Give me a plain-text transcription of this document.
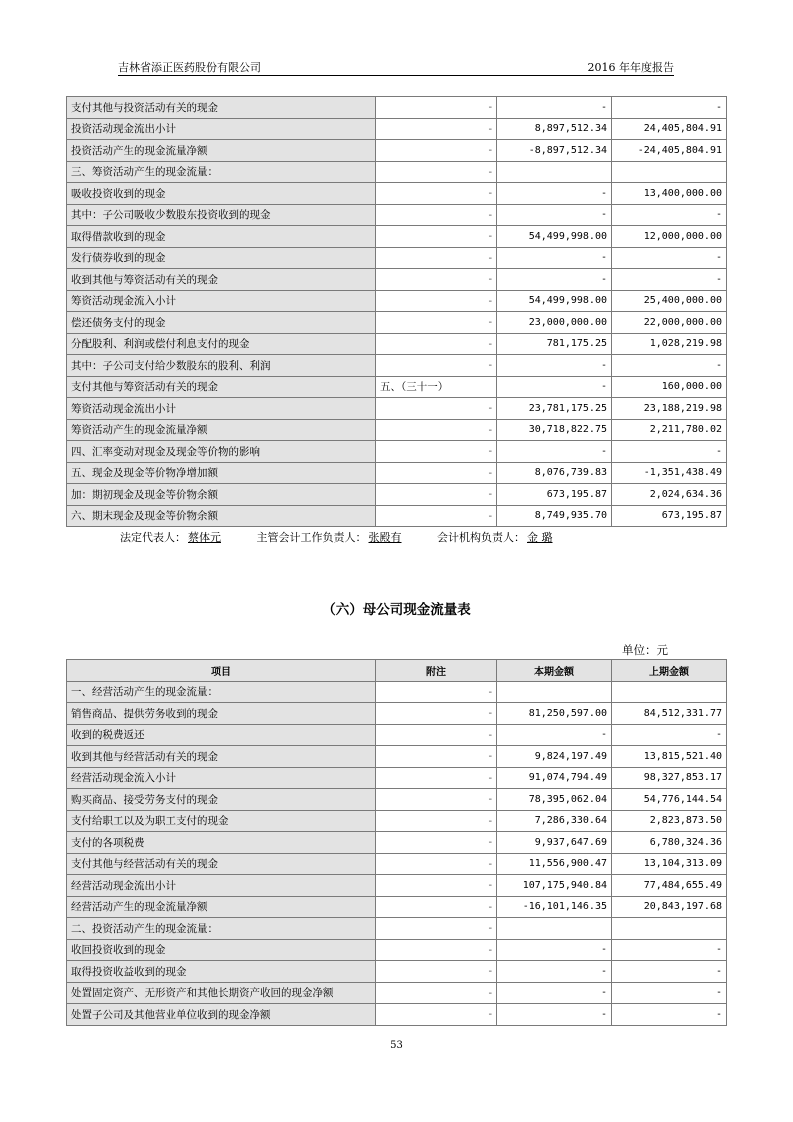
吉林省添正医药股份有限公司	2016 年年度报告
支付其他与投资活动有关的现金	-	-	-
投资活动现金流出小计	-	8,897,512.34	24,405,804.91
投资活动产生的现金流量净额	-	-8,897,512.34	-24,405,804.91
三、筹资活动产生的现金流量：	-		
吸收投资收到的现金	-	-	13,400,000.00
其中：子公司吸收少数股东投资收到的现金	-	-	-
取得借款收到的现金	-	54,499,998.00	12,000,000.00
发行债券收到的现金	-	-	-
收到其他与筹资活动有关的现金	-	-	-
筹资活动现金流入小计	-	54,499,998.00	25,400,000.00
偿还债务支付的现金	-	23,000,000.00	22,000,000.00
分配股利、利润或偿付利息支付的现金	-	781,175.25	1,028,219.98
其中：子公司支付给少数股东的股利、利润	-	-	-
支付其他与筹资活动有关的现金	五、（三十一）	-	160,000.00
筹资活动现金流出小计	-	23,781,175.25	23,188,219.98
筹资活动产生的现金流量净额	-	30,718,822.75	2,211,780.02
四、汇率变动对现金及现金等价物的影响	-	-	-
五、现金及现金等价物净增加额	-	8,076,739.83	-1,351,438.49
加：期初现金及现金等价物余额	-	673,195.87	2,024,634.36
六、期末现金及现金等价物余额	-	8,749,935.70	673,195.87
法定代表人： 蔡体元	主管会计工作负责人： 张殿有	会计机构负责人： 金 璐
（六）母公司现金流量表
单位：元
项目	附注	本期金额	上期金额
一、经营活动产生的现金流量：	-		
销售商品、提供劳务收到的现金	-	81,250,597.00	84,512,331.77
收到的税费返还	-	-	-
收到其他与经营活动有关的现金	-	9,824,197.49	13,815,521.40
经营活动现金流入小计	-	91,074,794.49	98,327,853.17
购买商品、接受劳务支付的现金	-	78,395,062.04	54,776,144.54
支付给职工以及为职工支付的现金	-	7,286,330.64	2,823,873.50
支付的各项税费	-	9,937,647.69	6,780,324.36
支付其他与经营活动有关的现金	-	11,556,900.47	13,104,313.09
经营活动现金流出小计	-	107,175,940.84	77,484,655.49
经营活动产生的现金流量净额	-	-16,101,146.35	20,843,197.68
二、投资活动产生的现金流量：	-		
收回投资收到的现金	-	-	-
取得投资收益收到的现金	-	-	-
处置固定资产、无形资产和其他长期资产收回的现金净额	-	-	-
处置子公司及其他营业单位收到的现金净额	-	-	-
53
